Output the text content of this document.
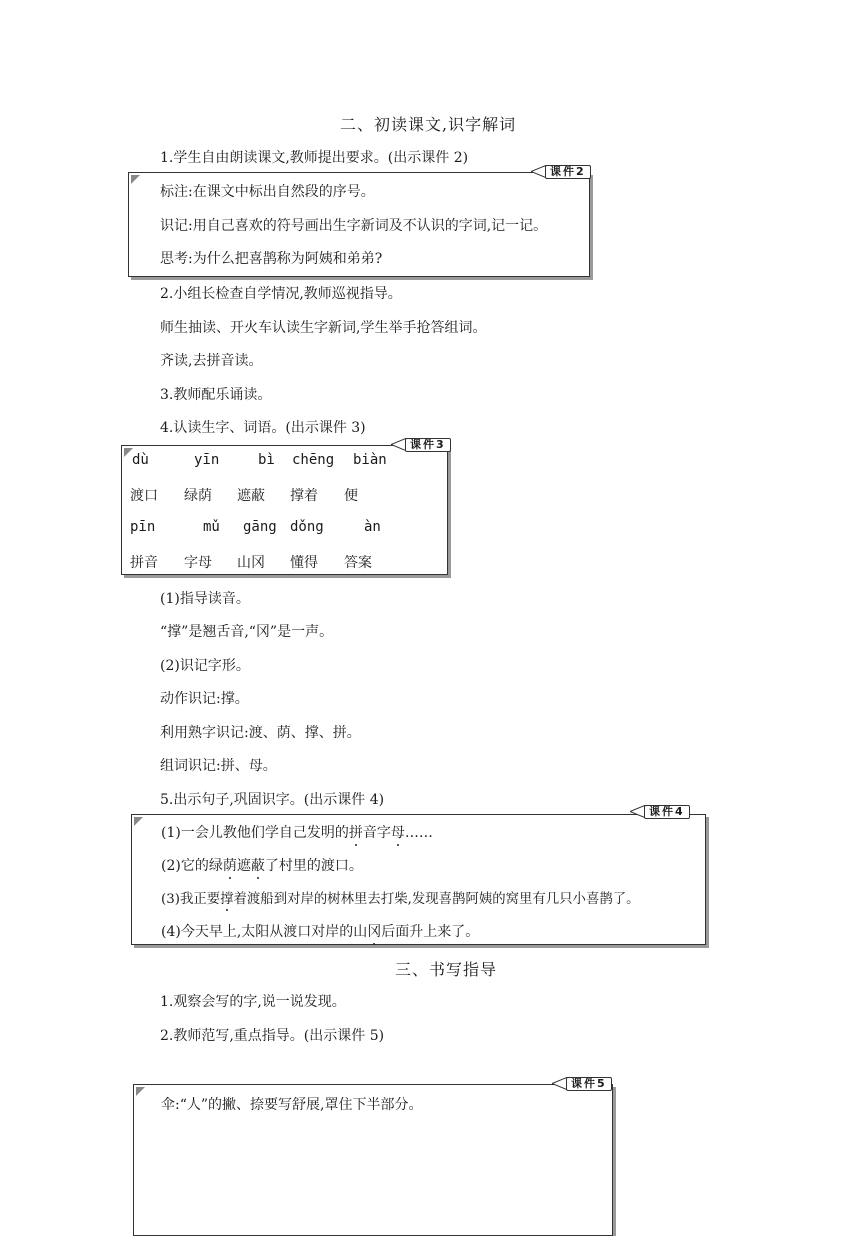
二、初读课文,识字解词
1.学生自由朗读课文,教师提出要求。(出示课件 2)
标注:在课文中标出自然段的序号。
识记:用自己喜欢的符号画出生字新词及不认识的字词,记一记。
思考:为什么把喜鹊称为阿姨和弟弟?
课件2
2.小组长检查自学情况,教师巡视指导。
师生抽读、开火车认读生字新词,学生举手抢答组词。
齐读,去拼音读。
3.教师配乐诵读。
4.认读生字、词语。(出示课件 3)
dù	yīn	bì chēng biàn
渡口 绿荫 遮蔽 撑着 便
pīn	mǔ gāng dǒng	àn
拼音 字母 山冈 懂得 答案
课件3
(1)指导读音。
“撑”是翘舌音,“冈”是一声。
(2)识记字形。
动作识记:撑。
利用熟字识记:渡、荫、撑、拼。
组词识记:拼、母。
5.出示句子,巩固识字。(出示课件 4)
(1)一会儿教他们学自己发明的拼音字母……
(2)它的绿荫遮蔽了村里的渡口。
(3)我正要撑着渡船到对岸的树林里去打柴,发现喜鹊阿姨的窝里有几只小喜鹊了。
(4)今天早上,太阳从渡口对岸的山冈后面升上来了。
课件4
三、书写指导
1.观察会写的字,说一说发现。
2.教师范写,重点指导。(出示课件 5)
伞:“人”的撇、捺要写舒展,罩住下半部分。
课件5
